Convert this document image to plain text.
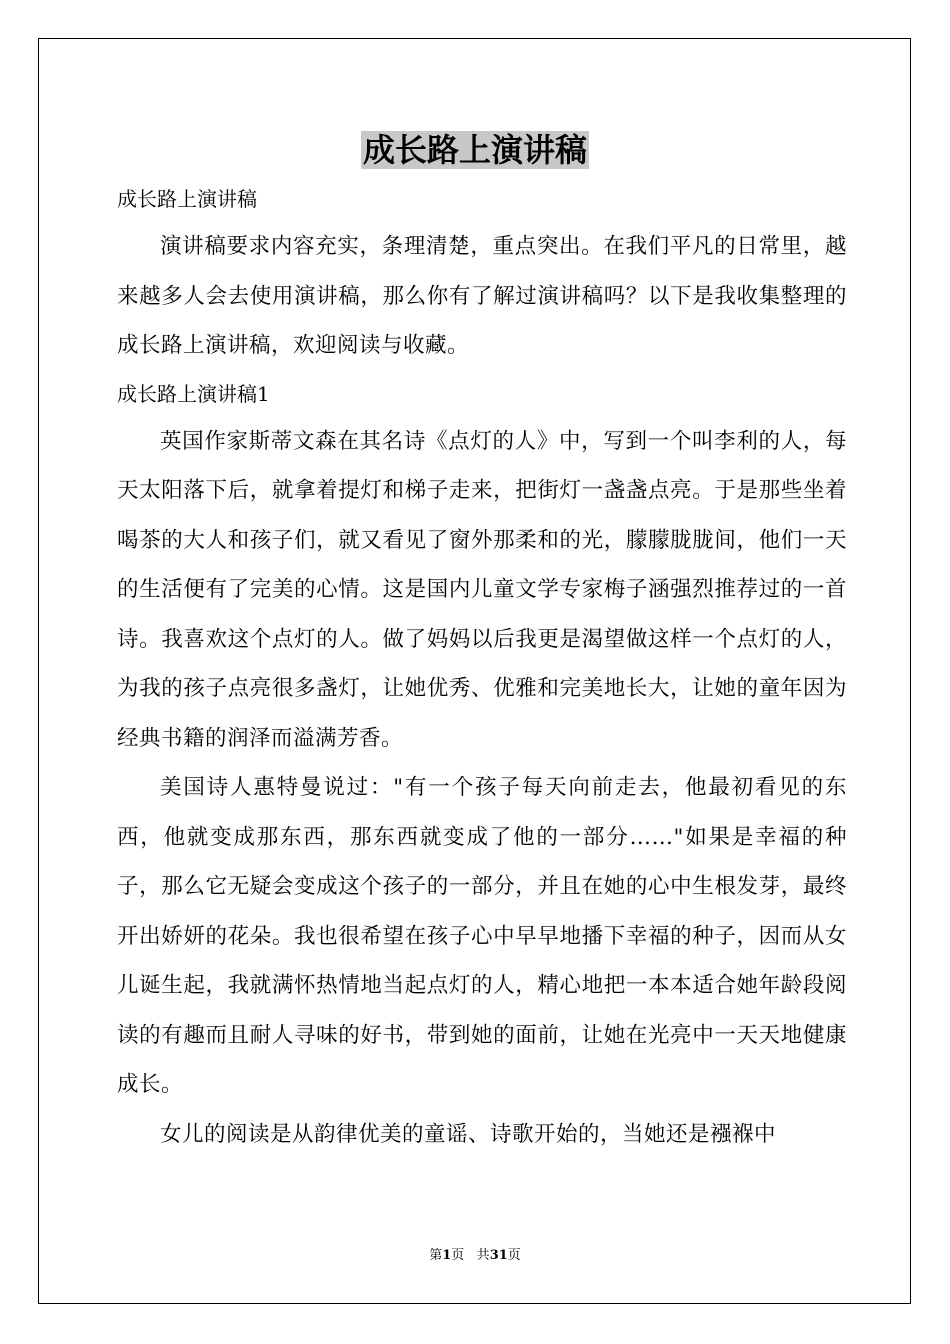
成长路上演讲稿

成长路上演讲稿

演讲稿要求内容充实，条理清楚，重点突出。在我们平凡的日常里，越来越多人会去使用演讲稿，那么你有了解过演讲稿吗？以下是我收集整理的成长路上演讲稿，欢迎阅读与收藏。

成长路上演讲稿1

英国作家斯蒂文森在其名诗《点灯的人》中，写到一个叫李利的人，每天太阳落下后，就拿着提灯和梯子走来，把街灯一盏盏点亮。于是那些坐着喝茶的大人和孩子们，就又看见了窗外那柔和的光，朦朦胧胧间，他们一天的生活便有了完美的心情。这是国内儿童文学专家梅子涵强烈推荐过的一首诗。我喜欢这个点灯的人。做了妈妈以后我更是渴望做这样一个点灯的人，为我的孩子点亮很多盏灯，让她优秀、优雅和完美地长大，让她的童年因为经典书籍的润泽而溢满芳香。

美国诗人惠特曼说过："有一个孩子每天向前走去，他最初看见的东西，他就变成那东西，那东西就变成了他的一部分……"如果是幸福的种子，那么它无疑会变成这个孩子的一部分，并且在她的心中生根发芽，最终开出娇妍的花朵。我也很希望在孩子心中早早地播下幸福的种子，因而从女儿诞生起，我就满怀热情地当起点灯的人，精心地把一本本适合她年龄段阅读的有趣而且耐人寻味的好书，带到她的面前，让她在光亮中一天天地健康成长。

女儿的阅读是从韵律优美的童谣、诗歌开始的，当她还是襁褓中

第1页 共31页
